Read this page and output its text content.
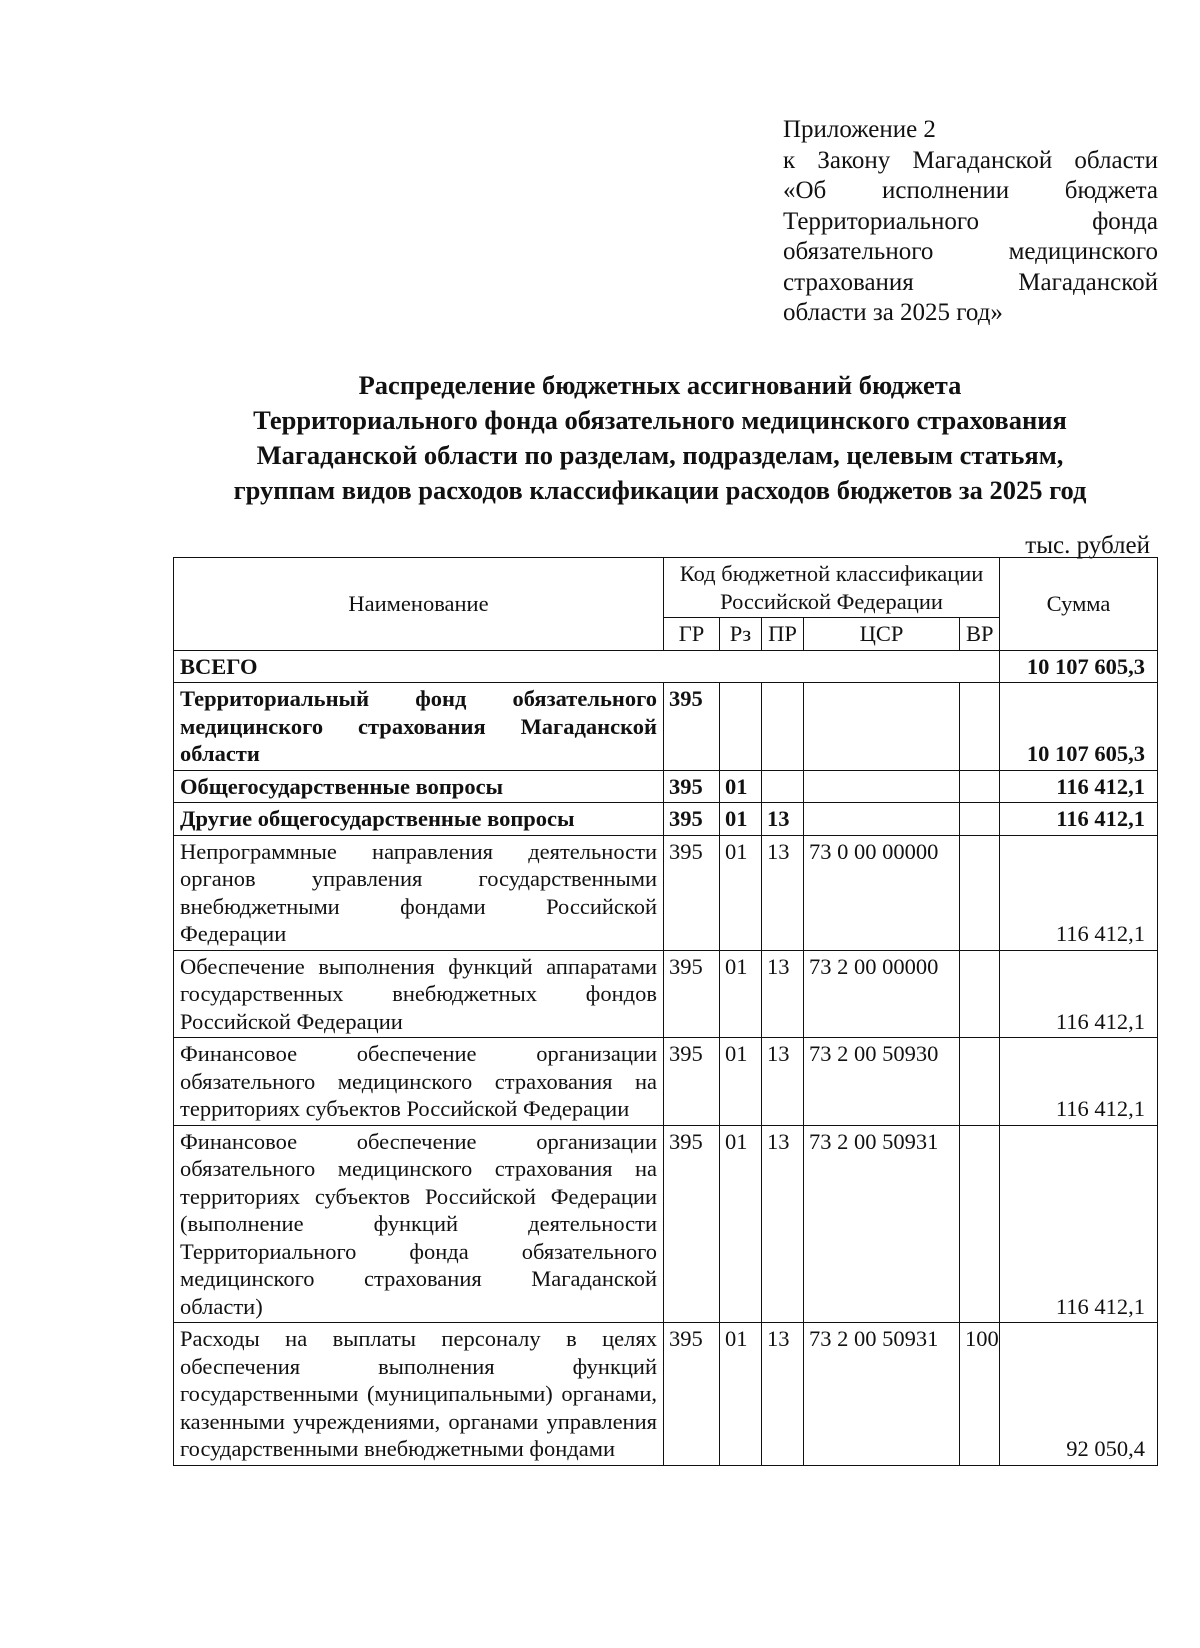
Приложение 2
к Закону Магаданской области
«Об исполнении бюджета
Территориального фонда
обязательного медицинского
страхования Магаданской
области за 2025 год»
Распределение бюджетных ассигнований бюджета
Территориального фонда обязательного медицинского страхования
Магаданской области по разделам, подразделам, целевым статьям,
группам видов расходов классификации расходов бюджетов за 2025 год
тыс. рублей
Наименование	Код бюджетной классификации Российской Федерации					Сумма
	ГР	Рз	ПР	ЦСР	ВР	
ВСЕГО						10 107 605,3
Территориальный фонд обязательного медицинского страхования Магаданской области	395					10 107 605,3
Общегосударственные вопросы	395	01				116 412,1
Другие общегосударственные вопросы	395	01	13			116 412,1
Непрограммные направления деятельности органов управления государственными внебюджетными фондами Российской Федерации	395	01	13	73 0 00 00000		116 412,1
Обеспечение выполнения функций аппаратами государственных внебюджетных фондов Российской Федерации	395	01	13	73 2 00 00000		116 412,1
Финансовое обеспечение организации обязательного медицинского страхования на территориях субъектов Российской Федерации	395	01	13	73 2 00 50930		116 412,1
Финансовое обеспечение организации обязательного медицинского страхования на территориях субъектов Российской Федерации (выполнение функций деятельности Территориального фонда обязательного медицинского страхования Магаданской области)	395	01	13	73 2 00 50931		116 412,1
Расходы на выплаты персоналу в целях обеспечения выполнения функций государственными (муниципальными) органами, казенными учреждениями, органами управления государственными внебюджетными фондами	395	01	13	73 2 00 50931	100	92 050,4
